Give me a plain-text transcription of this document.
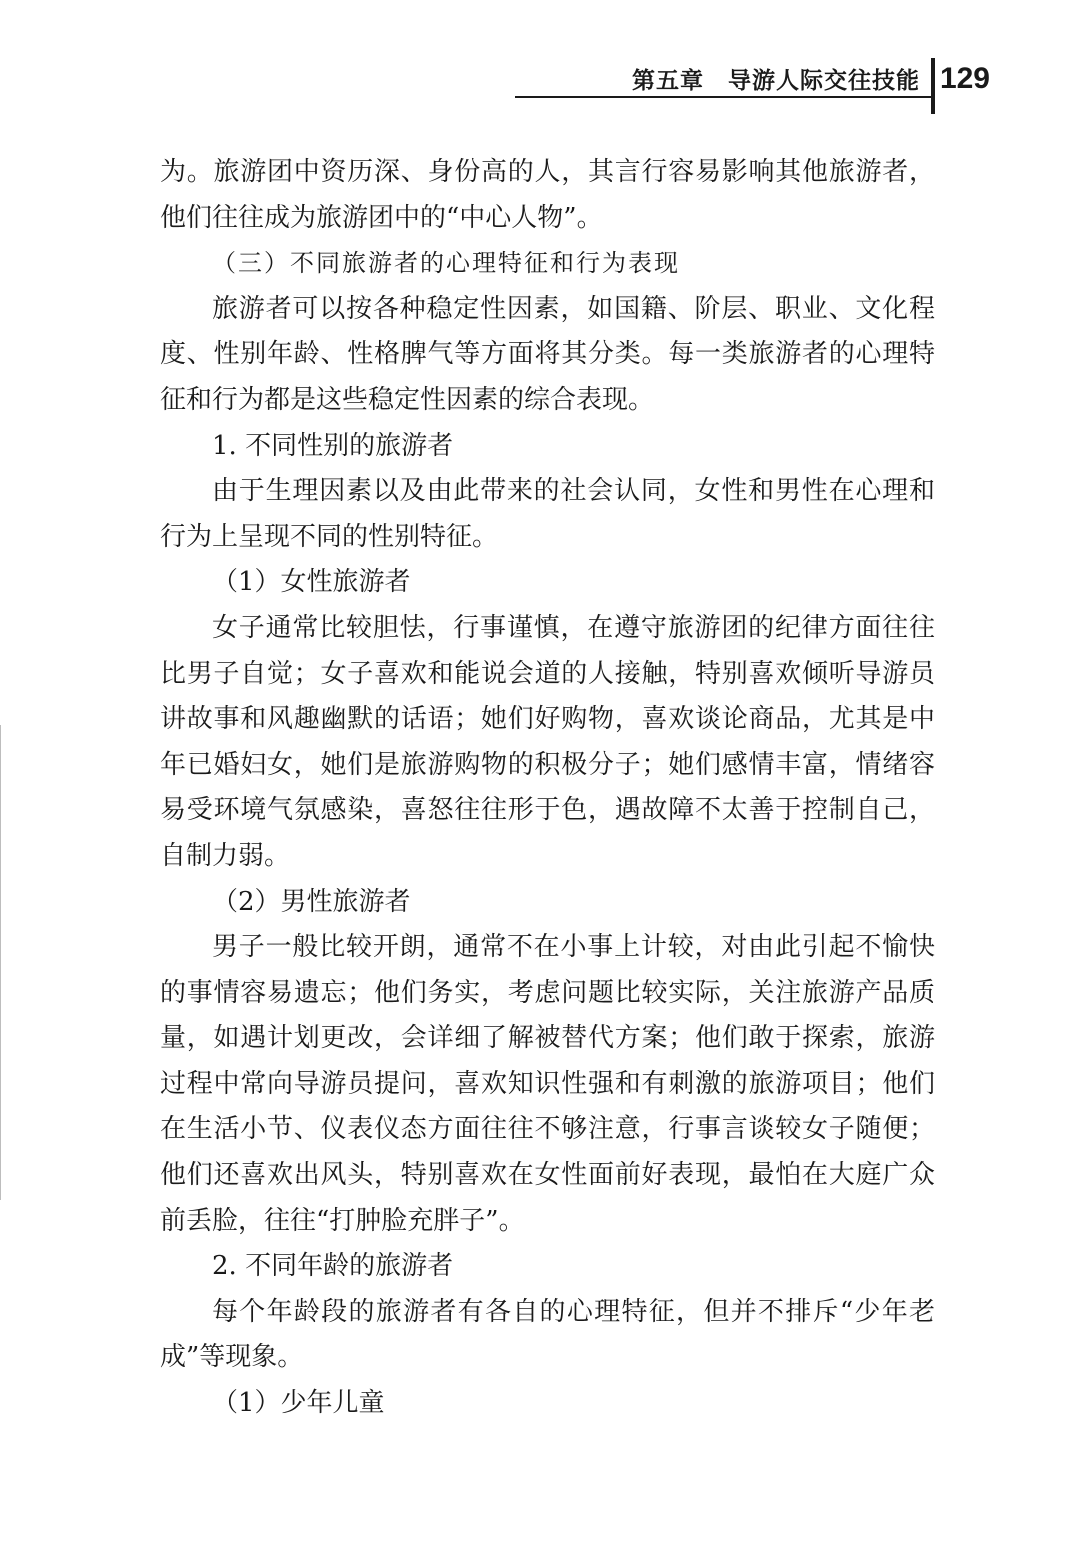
第五章　导游人际交往技能 129

为。旅游团中资历深、身份高的人，其言行容易影响其他旅游者，他们往往成为旅游团中的“中心人物”。

（三）不同旅游者的心理特征和行为表现

旅游者可以按各种稳定性因素，如国籍、阶层、职业、文化程度、性别年龄、性格脾气等方面将其分类。每一类旅游者的心理特征和行为都是这些稳定性因素的综合表现。

1. 不同性别的旅游者

由于生理因素以及由此带来的社会认同，女性和男性在心理和行为上呈现不同的性别特征。

（1）女性旅游者

女子通常比较胆怯，行事谨慎，在遵守旅游团的纪律方面往往比男子自觉；女子喜欢和能说会道的人接触，特别喜欢倾听导游员讲故事和风趣幽默的话语；她们好购物，喜欢谈论商品，尤其是中年已婚妇女，她们是旅游购物的积极分子；她们感情丰富，情绪容易受环境气氛感染，喜怒往往形于色，遇故障不太善于控制自己，自制力弱。

（2）男性旅游者

男子一般比较开朗，通常不在小事上计较，对由此引起不愉快的事情容易遗忘；他们务实，考虑问题比较实际，关注旅游产品质量，如遇计划更改，会详细了解被替代方案；他们敢于探索，旅游过程中常向导游员提问，喜欢知识性强和有刺激的旅游项目；他们在生活小节、仪表仪态方面往往不够注意，行事言谈较女子随便；他们还喜欢出风头，特别喜欢在女性面前好表现，最怕在大庭广众前丢脸，往往“打肿脸充胖子”。

2. 不同年龄的旅游者

每个年龄段的旅游者有各自的心理特征，但并不排斥“少年老成”等现象。

（1）少年儿童
